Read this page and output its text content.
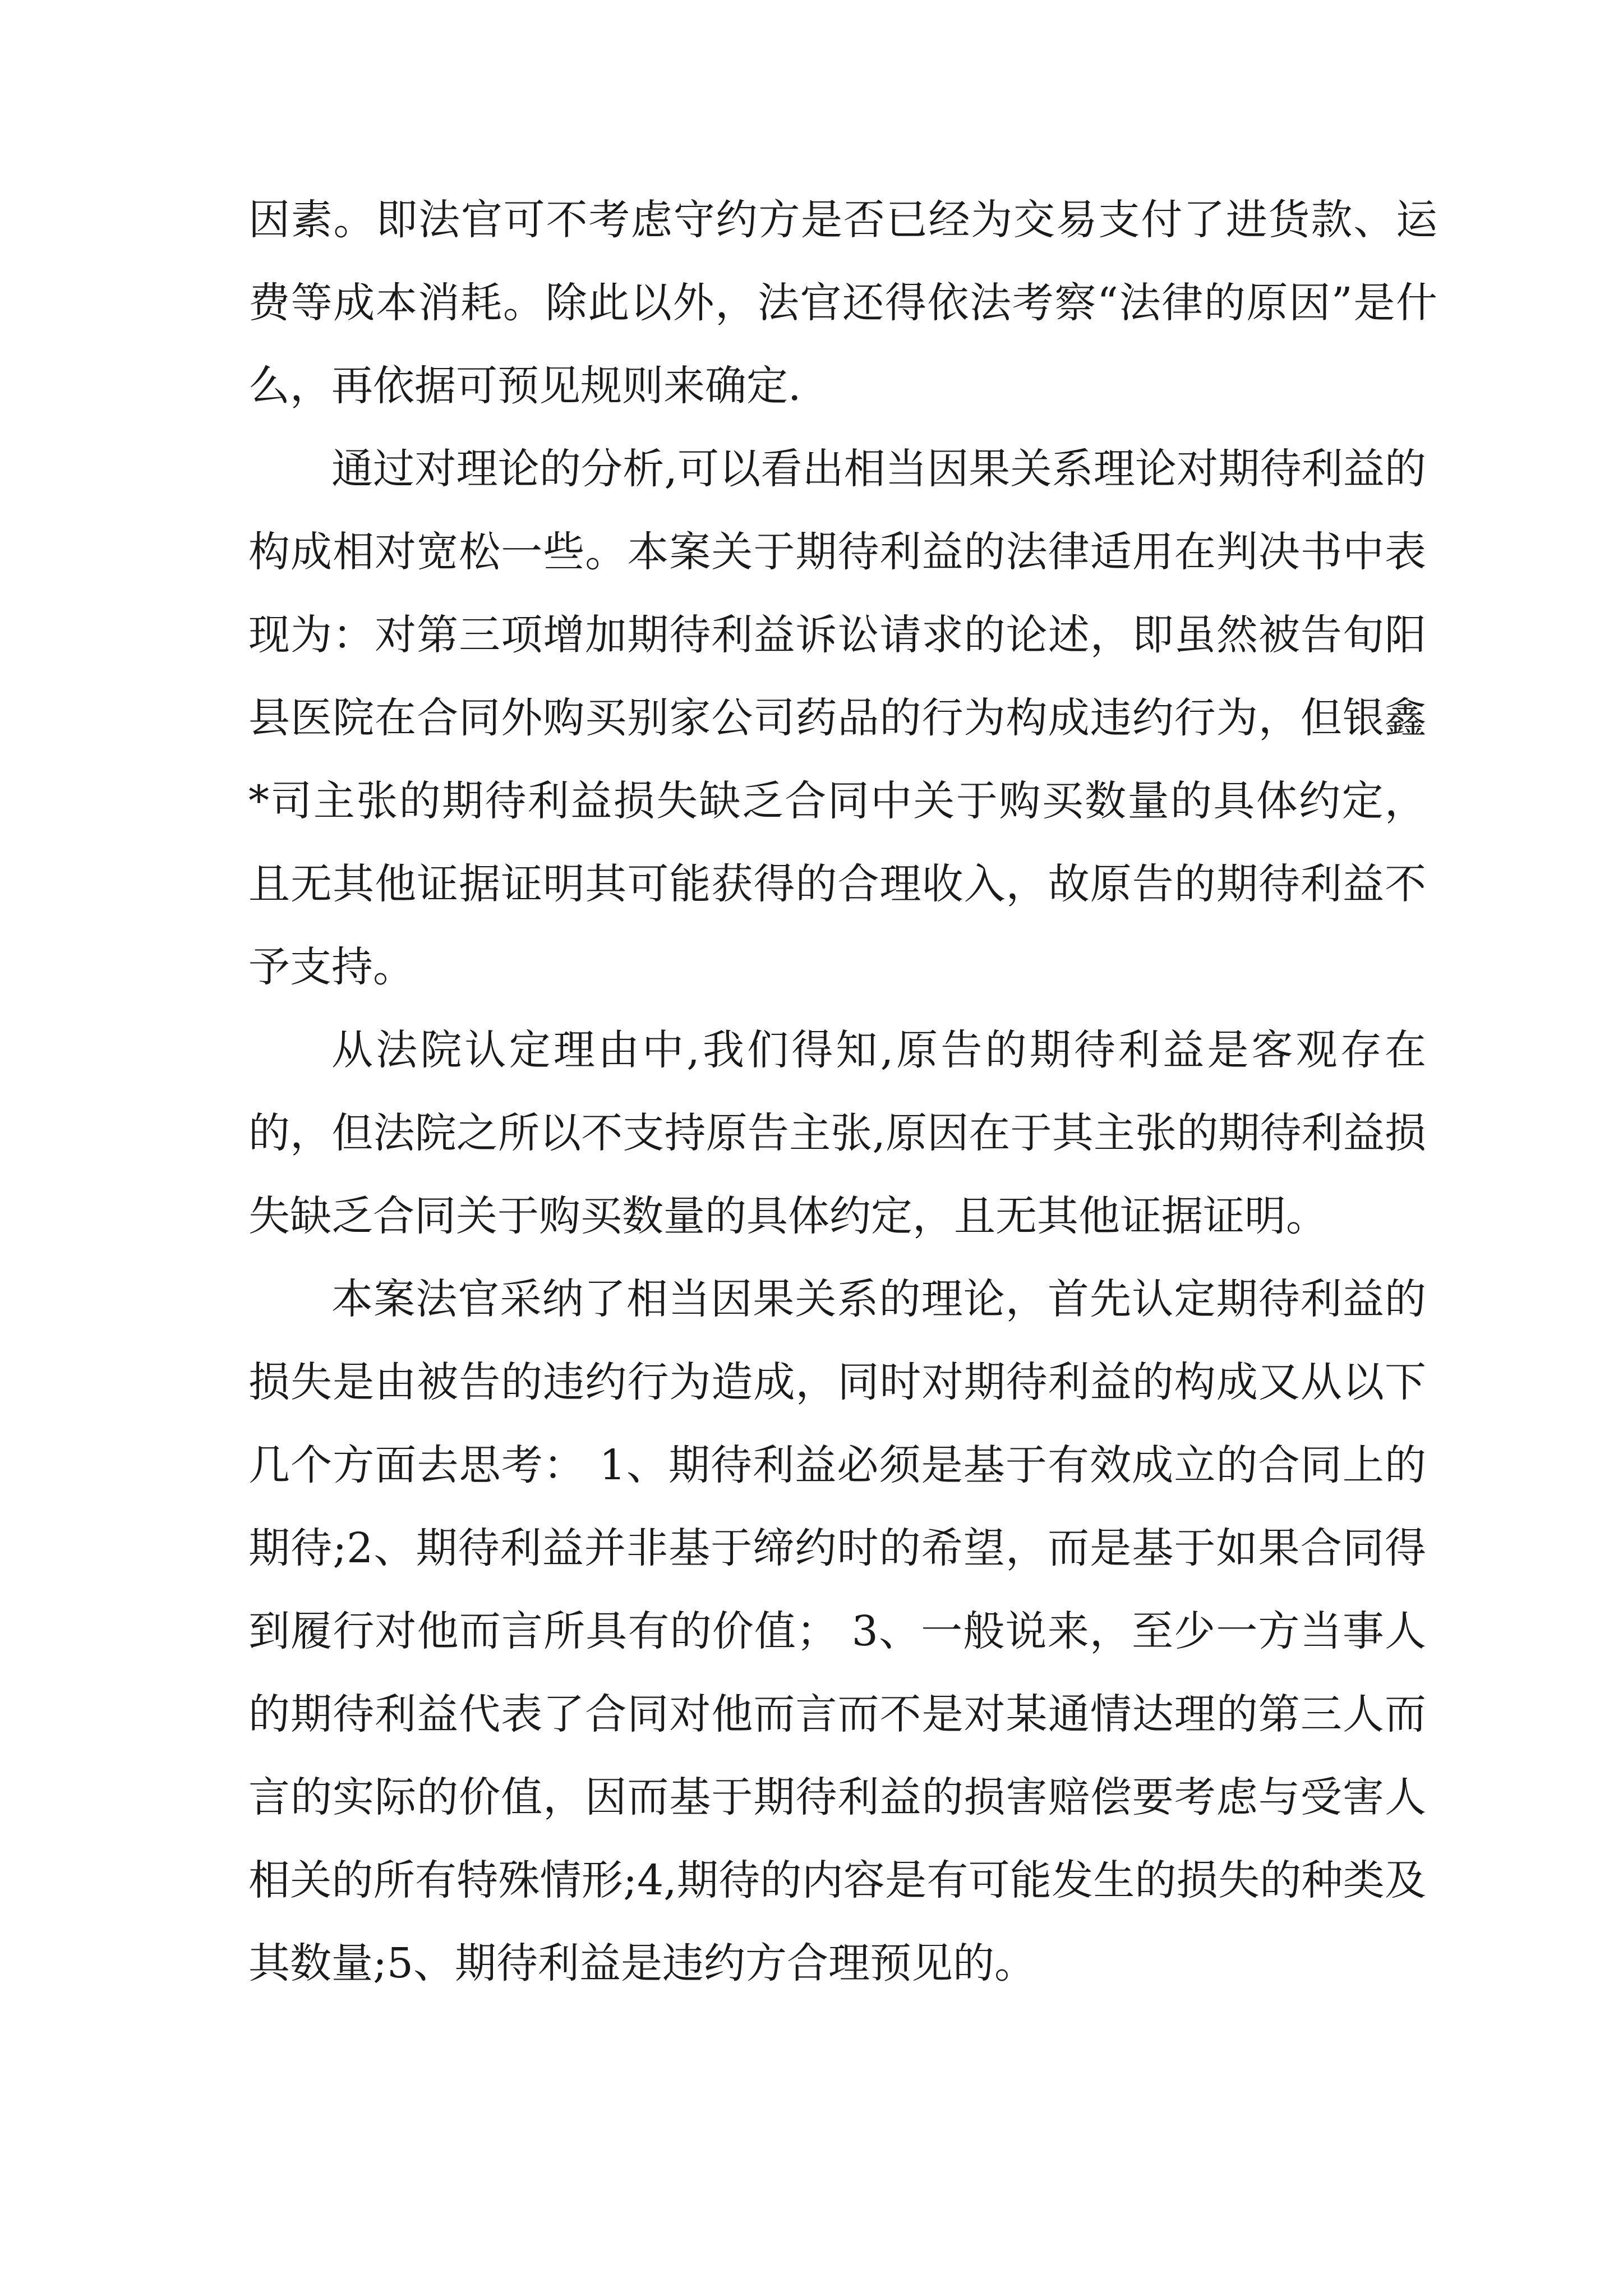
因素。即法官可不考虑守约方是否已经为交易支付了进货款、运费等成本消耗。除此以外，法官还得依法考察“法律的原因”是什么，再依据可预见规则来确定.

通过对理论的分析,可以看出相当因果关系理论对期待利益的构成相对宽松一些。本案关于期待利益的法律适用在判决书中表现为：对第三项增加期待利益诉讼请求的论述，即虽然被告旬阳县医院在合同外购买别家公司药品的行为构成违约行为，但银鑫*司主张的期待利益损失缺乏合同中关于购买数量的具体约定，且无其他证据证明其可能获得的合理收入，故原告的期待利益不予支持。

从法院认定理由中,我们得知,原告的期待利益是客观存在的，但法院之所以不支持原告主张,原因在于其主张的期待利益损失缺乏合同关于购买数量的具体约定，且无其他证据证明。

本案法官采纳了相当因果关系的理论，首先认定期待利益的损失是由被告的违约行为造成，同时对期待利益的构成又从以下几个方面去思考： 1、期待利益必须是基于有效成立的合同上的期待;2、期待利益并非基于缔约时的希望，而是基于如果合同得到履行对他而言所具有的价值； 3、一般说来，至少一方当事人的期待利益代表了合同对他而言而不是对某通情达理的第三人而言的实际的价值，因而基于期待利益的损害赔偿要考虑与受害人相关的所有特殊情形;4,期待的内容是有可能发生的损失的种类及其数量;5、期待利益是违约方合理预见的。
